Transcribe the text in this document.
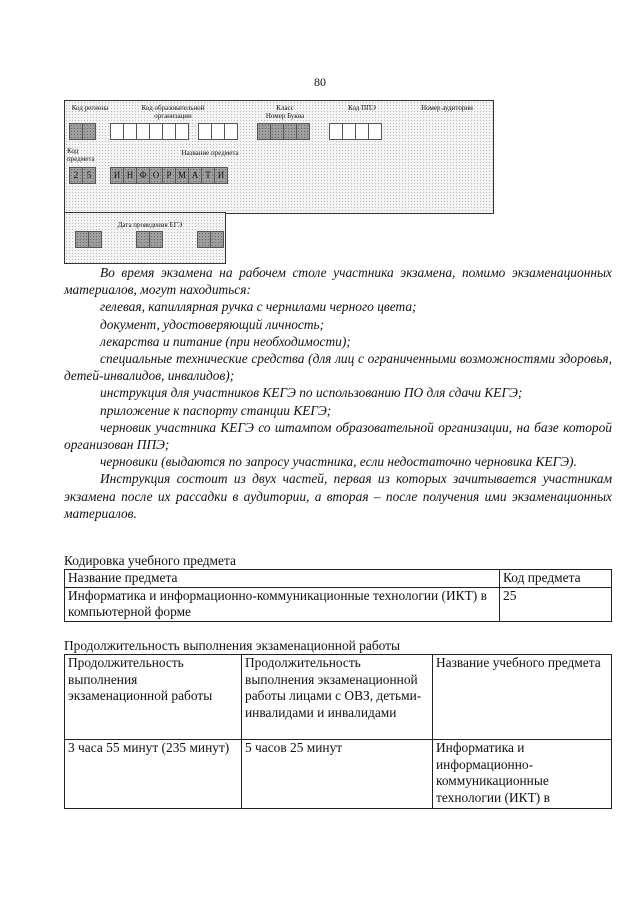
80
Код региона	Код образовательной организации
Класс
Номер Буква
Код ППЭ	Номер аудитории
Код предмета
Название предмета
2 5	И Н Ф О Р М А Т И
Дата проведения ЕГЭ

Во время экзамена на рабочем столе участника экзамена, помимо экзаменационных материалов, могут находиться:

гелевая, капиллярная ручка с чернилами черного цвета;

документ, удостоверяющий личность;

лекарства и питание (при необходимости);

специальные технические средства (для лиц с ограниченными возможностями здоровья, детей-инвалидов, инвалидов);

инструкция для участников КЕГЭ по использованию ПО для сдачи КЕГЭ;

приложение к паспорту станции КЕГЭ;

черновик участника КЕГЭ со штампом образовательной организации, на базе которой организован ППЭ;

черновики (выдаются по запросу участника, если недостаточно черновика КЕГЭ).

Инструкция состоит из двух частей, первая из которых зачитывается участникам экзамена после их рассадки в аудитории, а вторая – после получения ими экзаменационных материалов.

Кодировка учебного предмета
Название предмета	Код предмета
Информатика и информационно-коммуникационные технологии (ИКТ) в компьютерной форме	25
Продолжительность выполнения экзаменационной работы
Продолжительность выполнения экзаменационной работы	Продолжительность выполнения экзаменационной работы лицами с ОВЗ, детьми-инвалидами и инвалидами	Название учебного предмета
3 часа 55 минут (235 минут)	5 часов 25 минут	Информатика и информационно-коммуникационные технологии (ИКТ) в
